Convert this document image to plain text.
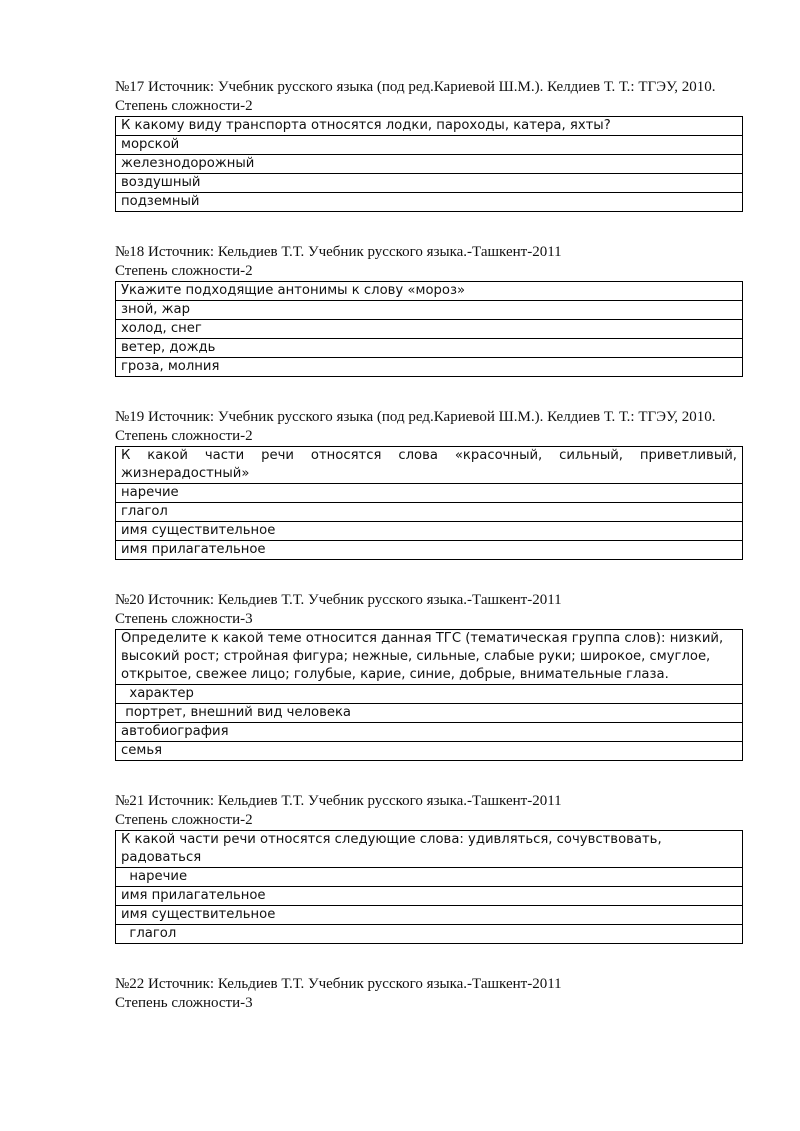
№17 Источник: Учебник русского языка (под ред.Кариевой Ш.М.). Келдиев Т. Т.: ТГЭУ, 2010.

Степень сложности-2

К какому виду транспорта относятся лодки, пароходы, катера, яхты?
морской
железнодорожный
воздушный
подземный

№18 Источник: Кельдиев Т.Т. Учебник русского языка.-Ташкент-2011

Степень сложности-2

Укажите подходящие антонимы к слову «мороз»
зной, жар
холод, снег
ветер, дождь
гроза, молния

№19 Источник: Учебник русского языка (под ред.Кариевой Ш.М.). Келдиев Т. Т.: ТГЭУ, 2010.

Степень сложности-2

К какой части речи относятся слова «красочный, сильный, приветливый, жизнерадостный»
наречие
глагол
имя существительное
имя прилагательное

№20 Источник: Кельдиев Т.Т. Учебник русского языка.-Ташкент-2011

Степень сложности-3

Определите к какой теме относится данная ТГС (тематическая группа слов): низкий, высокий рост; стройная фигура; нежные, сильные, слабые руки; широкое, смуглое, открытое, свежее лицо; голубые, карие, синие, добрые, внимательные глаза.
характер
портрет, внешний вид человека
автобиография
семья

№21 Источник: Кельдиев Т.Т. Учебник русского языка.-Ташкент-2011

Степень сложности-2

К какой части речи относятся следующие слова: удивляться, сочувствовать, радоваться
наречие
имя прилагательное
имя существительное
глагол

№22 Источник: Кельдиев Т.Т. Учебник русского языка.-Ташкент-2011

Степень сложности-3
